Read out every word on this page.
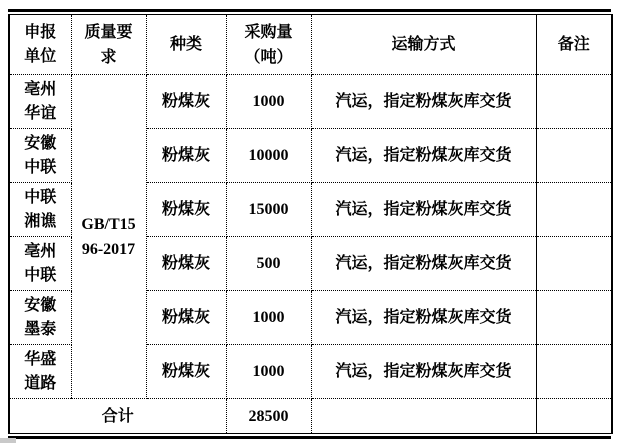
申报单位	质量要求	种类	采购量（吨）	运输方式	备注
亳州华谊	GB/T1596-2017	粉煤灰	1000	汽运，指定粉煤灰库交货	
安徽中联		粉煤灰	10000	汽运，指定粉煤灰库交货	
中联湘谯		粉煤灰	15000	汽运，指定粉煤灰库交货	
亳州中联		粉煤灰	500	汽运，指定粉煤灰库交货	
安徽墨泰		粉煤灰	1000	汽运，指定粉煤灰库交货	
华盛道路		粉煤灰	1000	汽运，指定粉煤灰库交货	
合计			28500		
